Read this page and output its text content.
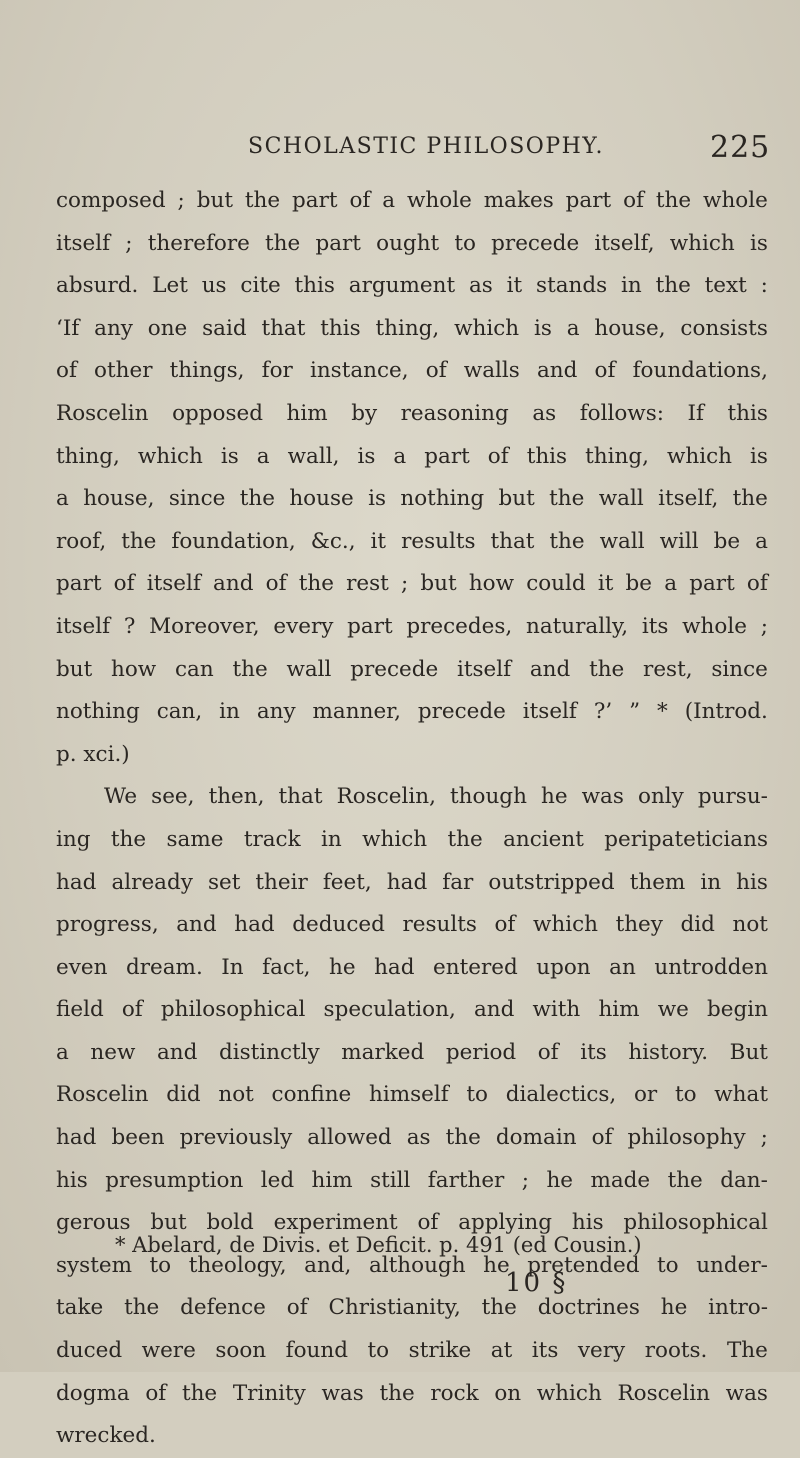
SCHOLASTIC PHILOSOPHY.	225
composed ; but the part of a whole makes part of the whole
itself ; therefore the part ought to precede itself, which is
absurd. Let us cite this argument as it stands in the text :
‘If any one said that this thing, which is a house, consists
of other things, for instance, of walls and of foundations,
Roscelin opposed him by reasoning as follows: If this
thing, which is a wall, is a part of this thing, which is
a house, since the house is nothing but the wall itself, the
roof, the foundation, &c., it results that the wall will be a
part of itself and of the rest ; but how could it be a part of
itself ? Moreover, every part precedes, naturally, its whole ;
but how can the wall precede itself and the rest, since
nothing can, in any manner, precede itself ?’ ” * (Introd.
p. xci.)
We see, then, that Roscelin, though he was only pursu-
ing the same track in which the ancient peripateticians
had already set their feet, had far outstripped them in his
progress, and had deduced results of which they did not
even dream. In fact, he had entered upon an untrodden
field of philosophical speculation, and with him we begin
a new and distinctly marked period of its history. But
Roscelin did not confine himself to dialectics, or to what
had been previously allowed as the domain of philosophy ;
his presumption led him still farther ; he made the dan-
gerous but bold experiment of applying his philosophical
system to theology, and, although he pretended to under-
take the defence of Christianity, the doctrines he intro-
duced were soon found to strike at its very roots. The
dogma of the Trinity was the rock on which Roscelin was
wrecked.
* Abelard, de Divis. et Deficit. p. 491 (ed Cousin.)
10 §
